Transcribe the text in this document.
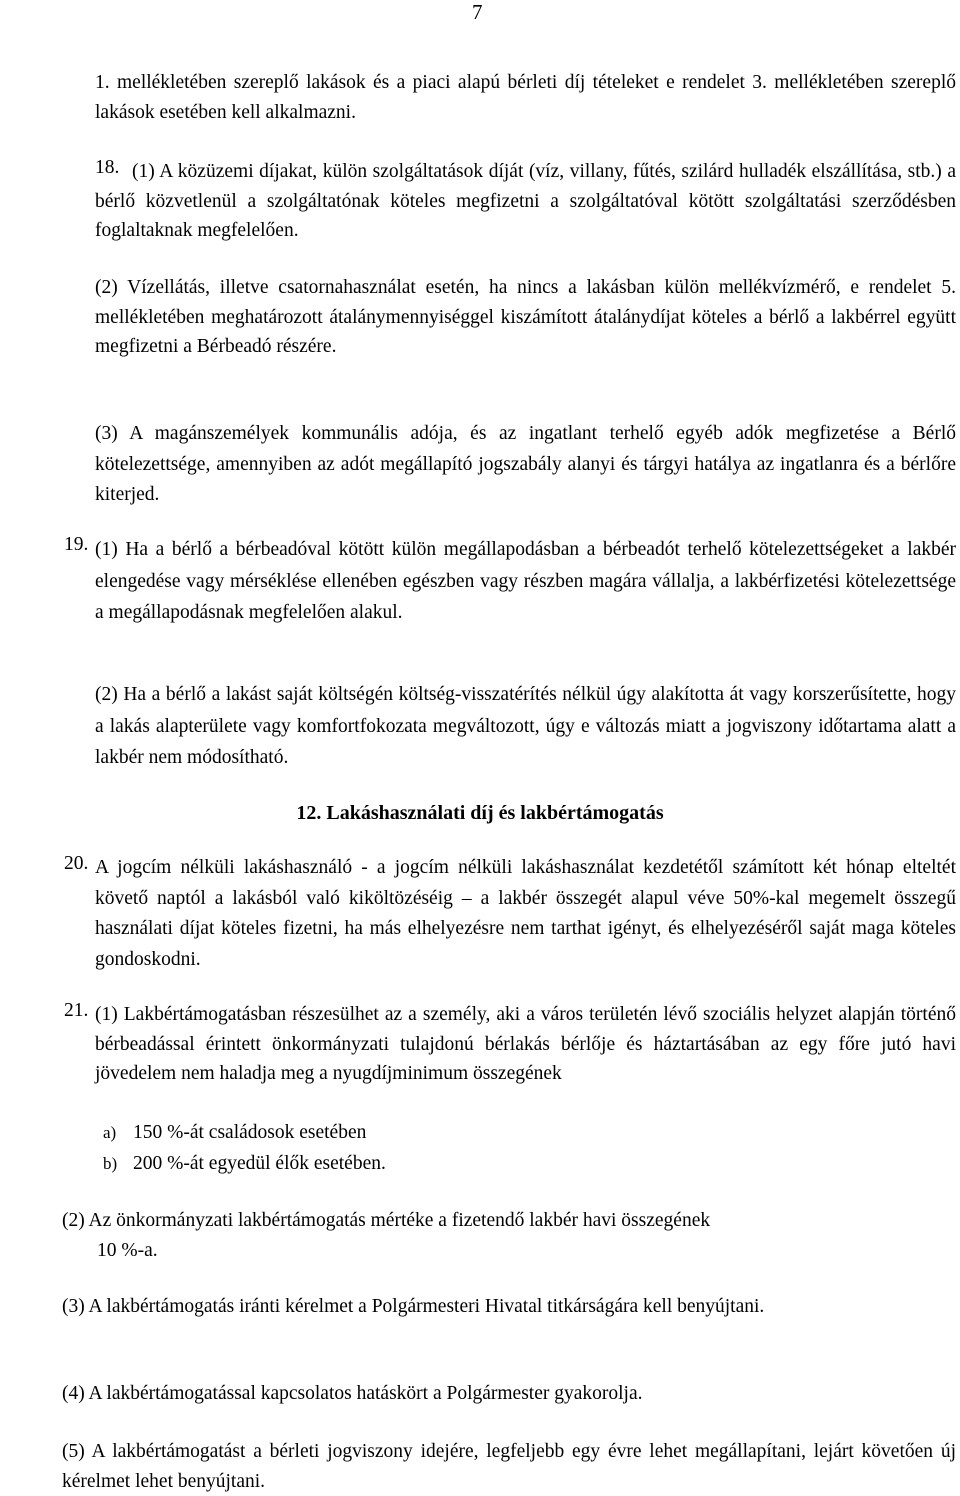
7

1. mellékletében szereplő lakások és a piaci alapú bérleti díj tételeket e rendelet 3. mellékletében szereplő lakások esetében kell alkalmazni.

18. (1) A közüzemi díjakat, külön szolgáltatások díját (víz, villany, fűtés, szilárd hulladék elszállítása, stb.) a bérlő közvetlenül a szolgáltatónak köteles megfizetni a szolgáltatóval kötött szolgáltatási szerződésben foglaltaknak megfelelően.

(2) Vízellátás, illetve csatornahasználat esetén, ha nincs a lakásban külön mellékvízmérő, e rendelet 5. mellékletében meghatározott átalánymennyiséggel kiszámított átalánydíjat köteles a bérlő a lakbérrel együtt megfizetni a Bérbeadó részére.

(3) A magánszemélyek kommunális adója, és az ingatlant terhelő egyéb adók megfizetése a Bérlő kötelezettsége, amennyiben az adót megállapító jogszabály alanyi és tárgyi hatálya az ingatlanra és a bérlőre kiterjed.

19. (1) Ha a bérlő a bérbeadóval kötött külön megállapodásban a bérbeadót terhelő kötelezettségeket a lakbér elengedése vagy mérséklése ellenében egészben vagy részben magára vállalja, a lakbérfizetési kötelezettsége a megállapodásnak megfelelően alakul.

(2) Ha a bérlő a lakást saját költségén költség-visszatérítés nélkül úgy alakította át vagy korszerűsítette, hogy a lakás alapterülete vagy komfortfokozata megváltozott, úgy e változás miatt a jogviszony időtartama alatt a lakbér nem módosítható.

12. Lakáshasználati díj és lakbértámogatás
20. A jogcím nélküli lakáshasználó - a jogcím nélküli lakáshasználat kezdetétől számított két hónap elteltét követő naptól a lakásból való kiköltözéséig – a lakbér összegét alapul véve 50%-kal megemelt összegű használati díjat köteles fizetni, ha más elhelyezésre nem tarthat igényt, és elhelyezéséről saját maga köteles gondoskodni.

21. (1) Lakbértámogatásban részesülhet az a személy, aki a város területén lévő szociális helyzet alapján történő bérbeadással érintett önkormányzati tulajdonú bérlakás bérlője és háztartásában az egy főre jutó havi jövedelem nem haladja meg a nyugdíjminimum összegének

a) 150 %-át családosok esetében
b) 200 %-át egyedül élők esetében.
(2) Az önkormányzati lakbértámogatás mértéke a fizetendő lakbér havi összegének
10 %-a.

(3) A lakbértámogatás iránti kérelmet a Polgármesteri Hivatal titkárságára kell benyújtani.

(4) A lakbértámogatással kapcsolatos hatáskört a Polgármester gyakorolja.

(5) A lakbértámogatást a bérleti jogviszony idejére, legfeljebb egy évre lehet megállapítani, lejárt követően új kérelmet lehet benyújtani.
